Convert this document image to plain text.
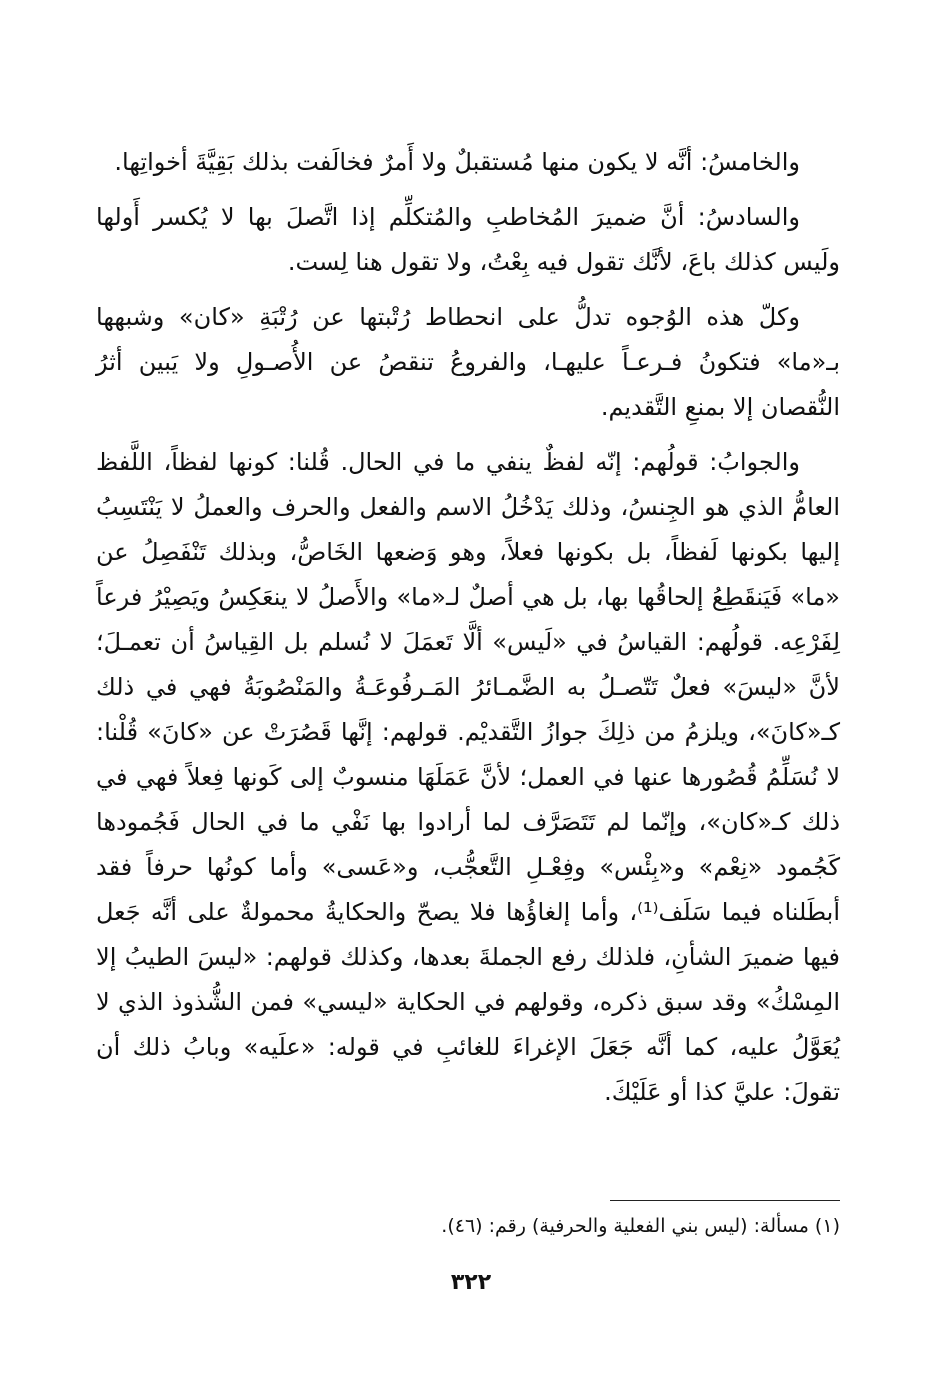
والخامسُ: أنَّه لا يكون منها مُستقبلٌ ولا أَمرٌ فخالَفت بذلك بَقِيَّةَ أخواتِها.

والسادسُ: أنَّ ضميرَ المُخاطبِ والمُتكلِّم إذا اتَّصلَ بها لا يُكسر أَولها ولَيس كذلك باعَ، لأنَّك تقول فيه بِعْتُ، ولا تقول هنا لِست.

وكلّ هذه الوُجوه تدلُّ على انحطاط رُتْبتها عن رُتْبَةِ «كان» وشبهها بـ«ما» فتكونُ فـرعـاً عليهـا، والفروعُ تنقصُ عن الأُصـولِ ولا يَبين أثرُ النُّقصان إلا بمنعِ التَّقديم.

والجوابُ: قولُهم: إنّه لفظٌ ينفي ما في الحال. قُلنا: كونها لفظاً، اللَّفظ العامُّ الذي هو الجِنسُ، وذلك يَدْخُلُ الاسم والفعل والحرف والعملُ لا يَنْتَسِبُ إليها بكونها لَفظاً، بل بكونها فعلاً، وهو وَضعها الخَاصُّ، وبذلك تَنْفَصِلُ عن «ما» فَيَنقَطِعُ إلحاقُها بها، بل هي أصلٌ لـ«ما» والأَصلُ لا ينعَكِسُ ويَصِيْرُ فرعاً لِفَرْعِه. قولُهم: القياسُ في «لَيس» ألَّا تَعمَلَ لا نُسلم بل القِياسُ أن تعمـلَ؛ لأنَّ «ليسَ» فعلٌ تَتّصـلُ به الضَّمـائرُ المَـرفُوعَـةُ والمَنْصُوبَةُ فهي في ذلك كـ«كانَ»، ويلزمُ من ذلِكَ جوازُ التَّقديْم. قولهم: إنَّها قَصُرَتْ عن «كانَ» قُلْنا: لا نُسَلِّمُ قُصُورها عنها في العمل؛ لأنَّ عَمَلَهَا منسوبٌ إلى كَونها فِعلاً فهي في ذلك كـ«كان»، وإنّما لم تَتَصَرَّف لما أرادوا بها نَفْي ما في الحال فَجُمودها كَجُمود «نِعْم» و«بِئْس» وفِعْـلِ التَّعجُّب، و«عَسى» وأما كونُها حرفاً فقد أبطَلناه فيما سَلَف⁽¹⁾، وأما إلغاؤُها فلا يصحّ والحكايةُ محمولةٌ على أنَّه جَعل فيها ضميرَ الشأنِ، فلذلك رفع الجملةَ بعدها، وكذلك قولهم: «ليسَ الطيبُ إلا المِسْكُ» وقد سبق ذكره، وقولهم في الحكاية «ليسي» فمن الشُّذوذ الذي لا يُعَوَّلُ عليه، كما أنَّه جَعَلَ الإغراءَ للغائبِ في قوله: «علَيه» وبابُ ذلك أن تقولَ: عليَّ كذا أو عَلَيْكَ.

(١) مسألة: (ليس بني الفعلية والحرفية) رقم: (٤٦).
٣٢٢
